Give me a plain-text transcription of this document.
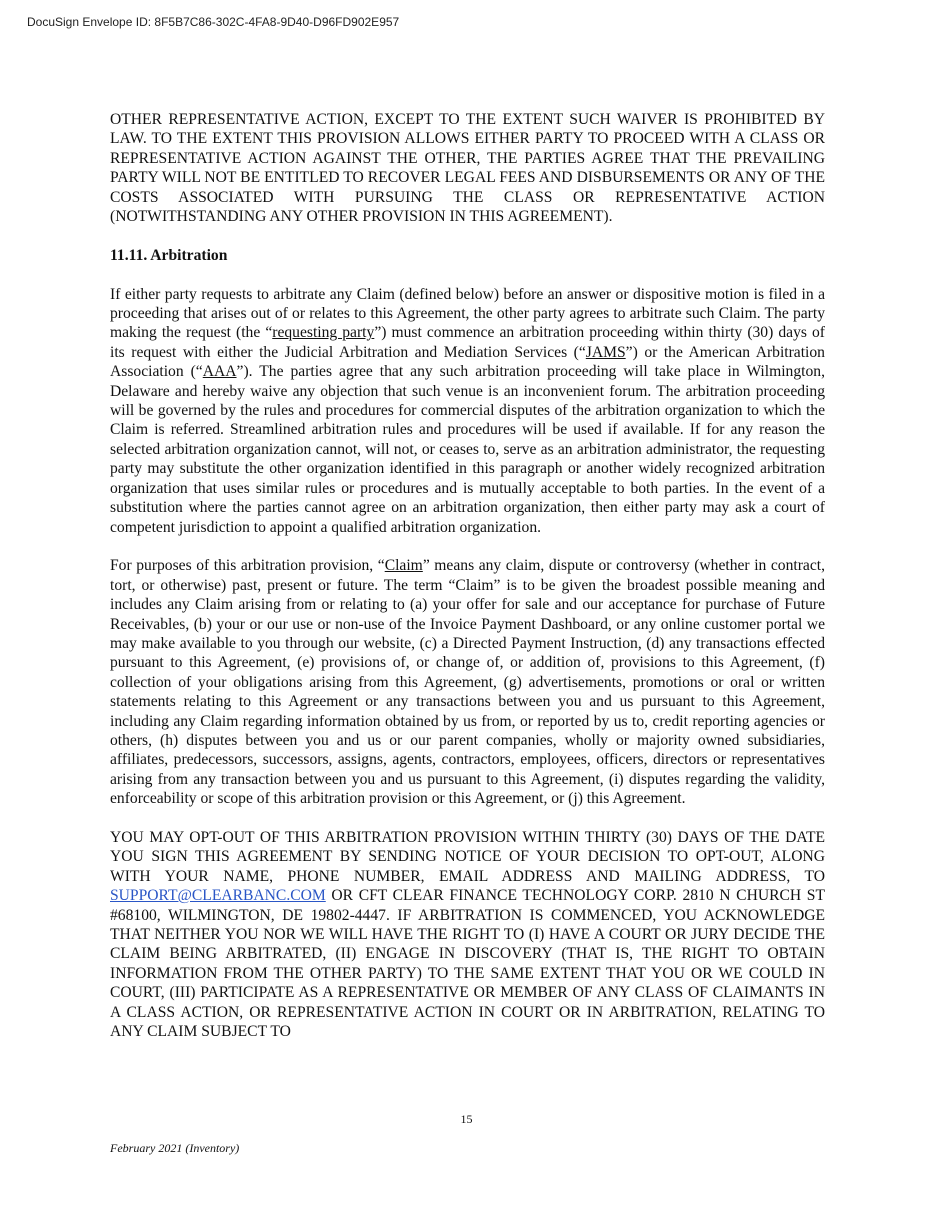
DocuSign Envelope ID: 8F5B7C86-302C-4FA8-9D40-D96FD902E957

OTHER REPRESENTATIVE ACTION, EXCEPT TO THE EXTENT SUCH WAIVER IS PROHIBITED BY LAW. TO THE EXTENT THIS PROVISION ALLOWS EITHER PARTY TO PROCEED WITH A CLASS OR REPRESENTATIVE ACTION AGAINST THE OTHER, THE PARTIES AGREE THAT THE PREVAILING PARTY WILL NOT BE ENTITLED TO RECOVER LEGAL FEES AND DISBURSEMENTS OR ANY OF THE COSTS ASSOCIATED WITH PURSUING THE CLASS OR REPRESENTATIVE ACTION (NOTWITHSTANDING ANY OTHER PROVISION IN THIS AGREEMENT).

11.11. Arbitration

If either party requests to arbitrate any Claim (defined below) before an answer or dispositive motion is filed in a proceeding that arises out of or relates to this Agreement, the other party agrees to arbitrate such Claim. The party making the request (the “requesting party”) must commence an arbitration proceeding within thirty (30) days of its request with either the Judicial Arbitration and Mediation Services (“JAMS”) or the American Arbitration Association (“AAA”). The parties agree that any such arbitration proceeding will take place in Wilmington, Delaware and hereby waive any objection that such venue is an inconvenient forum. The arbitration proceeding will be governed by the rules and procedures for commercial disputes of the arbitration organization to which the Claim is referred. Streamlined arbitration rules and procedures will be used if available. If for any reason the selected arbitration organization cannot, will not, or ceases to, serve as an arbitration administrator, the requesting party may substitute the other organization identified in this paragraph or another widely recognized arbitration organization that uses similar rules or procedures and is mutually acceptable to both parties. In the event of a substitution where the parties cannot agree on an arbitration organization, then either party may ask a court of competent jurisdiction to appoint a qualified arbitration organization.

For purposes of this arbitration provision, “Claim” means any claim, dispute or controversy (whether in contract, tort, or otherwise) past, present or future. The term “Claim” is to be given the broadest possible meaning and includes any Claim arising from or relating to (a) your offer for sale and our acceptance for purchase of Future Receivables, (b) your or our use or non-use of the Invoice Payment Dashboard, or any online customer portal we may make available to you through our website, (c) a Directed Payment Instruction, (d) any transactions effected pursuant to this Agreement, (e) provisions of, or change of, or addition of, provisions to this Agreement, (f) collection of your obligations arising from this Agreement, (g) advertisements, promotions or oral or written statements relating to this Agreement or any transactions between you and us pursuant to this Agreement, including any Claim regarding information obtained by us from, or reported by us to, credit reporting agencies or others, (h) disputes between you and us or our parent companies, wholly or majority owned subsidiaries, affiliates, predecessors, successors, assigns, agents, contractors, employees, officers, directors or representatives arising from any transaction between you and us pursuant to this Agreement, (i) disputes regarding the validity, enforceability or scope of this arbitration provision or this Agreement, or (j) this Agreement.

YOU MAY OPT-OUT OF THIS ARBITRATION PROVISION WITHIN THIRTY (30) DAYS OF THE DATE YOU SIGN THIS AGREEMENT BY SENDING NOTICE OF YOUR DECISION TO OPT-OUT, ALONG WITH YOUR NAME, PHONE NUMBER, EMAIL ADDRESS AND MAILING ADDRESS, TO SUPPORT@CLEARBANC.COM OR CFT CLEAR FINANCE TECHNOLOGY CORP. 2810 N CHURCH ST #68100, WILMINGTON, DE 19802-4447. IF ARBITRATION IS COMMENCED, YOU ACKNOWLEDGE THAT NEITHER YOU NOR WE WILL HAVE THE RIGHT TO (I) HAVE A COURT OR JURY DECIDE THE CLAIM BEING ARBITRATED, (II) ENGAGE IN DISCOVERY (THAT IS, THE RIGHT TO OBTAIN INFORMATION FROM THE OTHER PARTY) TO THE SAME EXTENT THAT YOU OR WE COULD IN COURT, (III) PARTICIPATE AS A REPRESENTATIVE OR MEMBER OF ANY CLASS OF CLAIMANTS IN A CLASS ACTION, OR REPRESENTATIVE ACTION IN COURT OR IN ARBITRATION, RELATING TO ANY CLAIM SUBJECT TO

15
February 2021 (Inventory)
